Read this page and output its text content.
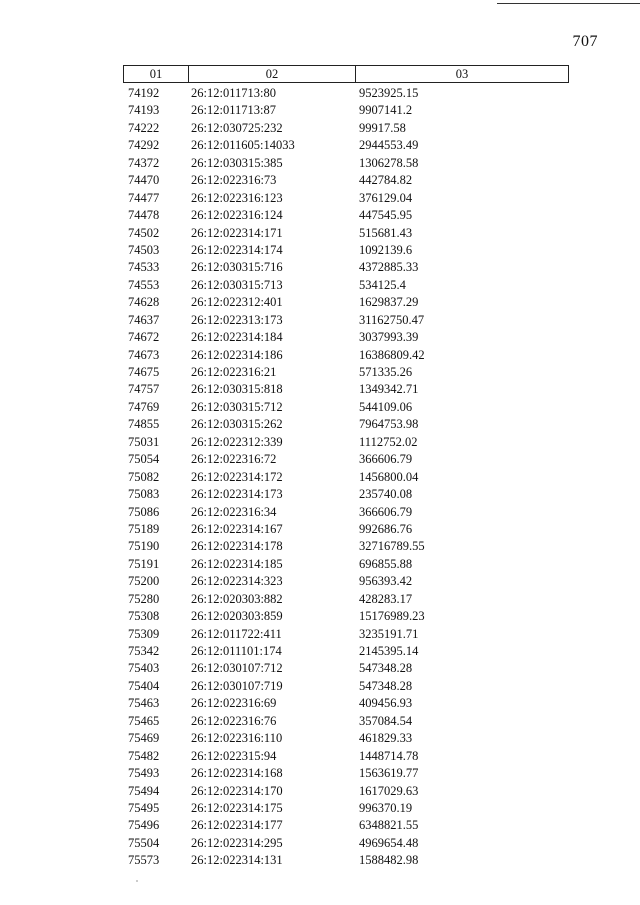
707
01	02	03
74192	26:12:011713:80	9523925.15
74193	26:12:011713:87	9907141.2
74222	26:12:030725:232	99917.58
74292	26:12:011605:14033	2944553.49
74372	26:12:030315:385	1306278.58
74470	26:12:022316:73	442784.82
74477	26:12:022316:123	376129.04
74478	26:12:022316:124	447545.95
74502	26:12:022314:171	515681.43
74503	26:12:022314:174	1092139.6
74533	26:12:030315:716	4372885.33
74553	26:12:030315:713	534125.4
74628	26:12:022312:401	1629837.29
74637	26:12:022313:173	31162750.47
74672	26:12:022314:184	3037993.39
74673	26:12:022314:186	16386809.42
74675	26:12:022316:21	571335.26
74757	26:12:030315:818	1349342.71
74769	26:12:030315:712	544109.06
74855	26:12:030315:262	7964753.98
75031	26:12:022312:339	1112752.02
75054	26:12:022316:72	366606.79
75082	26:12:022314:172	1456800.04
75083	26:12:022314:173	235740.08
75086	26:12:022316:34	366606.79
75189	26:12:022314:167	992686.76
75190	26:12:022314:178	32716789.55
75191	26:12:022314:185	696855.88
75200	26:12:022314:323	956393.42
75280	26:12:020303:882	428283.17
75308	26:12:020303:859	15176989.23
75309	26:12:011722:411	3235191.71
75342	26:12:011101:174	2145395.14
75403	26:12:030107:712	547348.28
75404	26:12:030107:719	547348.28
75463	26:12:022316:69	409456.93
75465	26:12:022316:76	357084.54
75469	26:12:022316:110	461829.33
75482	26:12:022315:94	1448714.78
75493	26:12:022314:168	1563619.77
75494	26:12:022314:170	1617029.63
75495	26:12:022314:175	996370.19
75496	26:12:022314:177	6348821.55
75504	26:12:022314:295	4969654.48
75573	26:12:022314:131	1588482.98
